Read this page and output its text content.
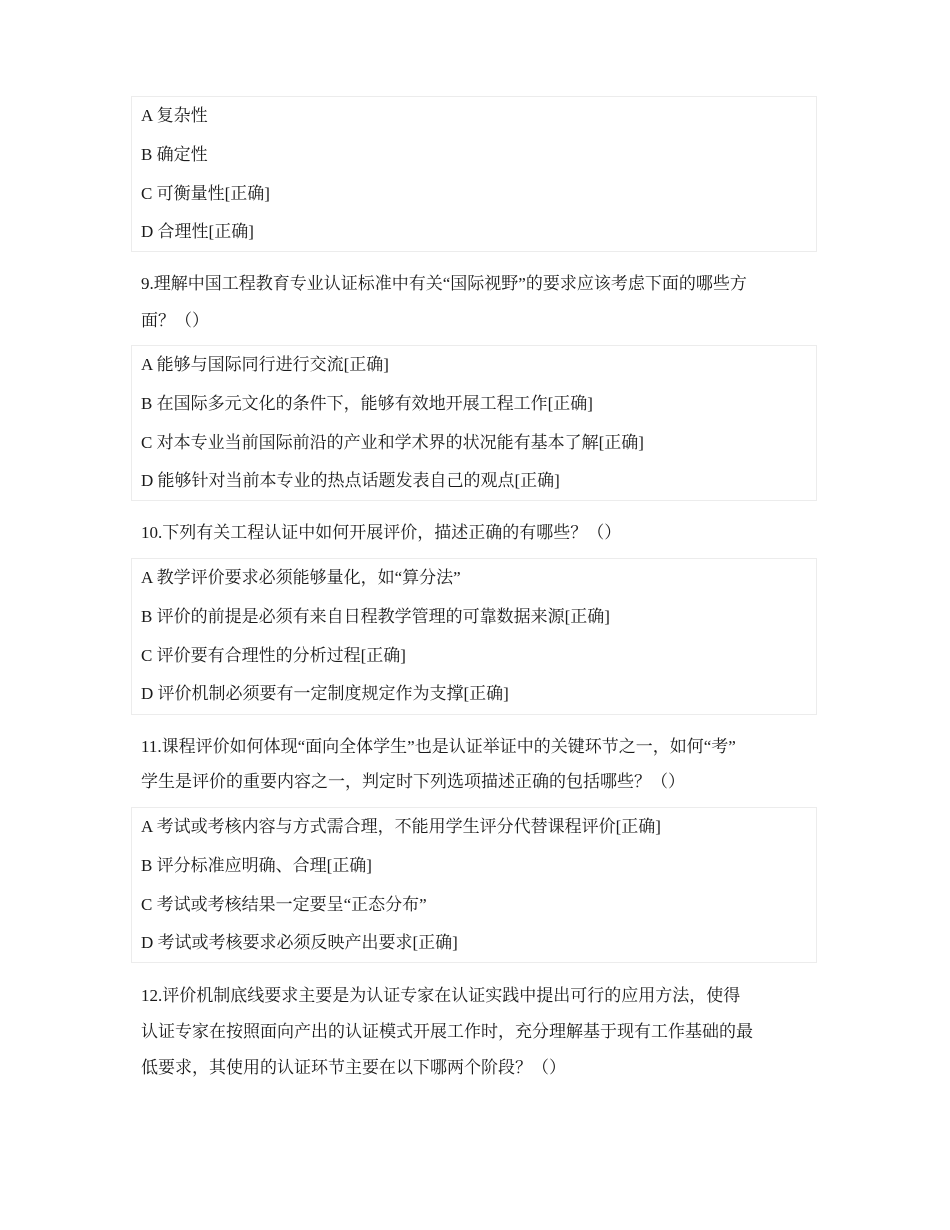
A 复杂性
B 确定性
C 可衡量性[正确]
D 合理性[正确]
9.理解中国工程教育专业认证标准中有关“国际视野”的要求应该考虑下面的哪些方
面？（）
A 能够与国际同行进行交流[正确]
B 在国际多元文化的条件下，能够有效地开展工程工作[正确]
C 对本专业当前国际前沿的产业和学术界的状况能有基本了解[正确]
D 能够针对当前本专业的热点话题发表自己的观点[正确]
10.下列有关工程认证中如何开展评价，描述正确的有哪些？（）
A 教学评价要求必须能够量化，如“算分法”
B 评价的前提是必须有来自日程教学管理的可靠数据来源[正确]
C 评价要有合理性的分析过程[正确]
D 评价机制必须要有一定制度规定作为支撑[正确]
11.课程评价如何体现“面向全体学生”也是认证举证中的关键环节之一，如何“考”
学生是评价的重要内容之一，判定时下列选项描述正确的包括哪些？（）
A 考试或考核内容与方式需合理，不能用学生评分代替课程评价[正确]
B 评分标准应明确、合理[正确]
C 考试或考核结果一定要呈“正态分布”
D 考试或考核要求必须反映产出要求[正确]
12.评价机制底线要求主要是为认证专家在认证实践中提出可行的应用方法，使得
认证专家在按照面向产出的认证模式开展工作时，充分理解基于现有工作基础的最
低要求，其使用的认证环节主要在以下哪两个阶段？（）
